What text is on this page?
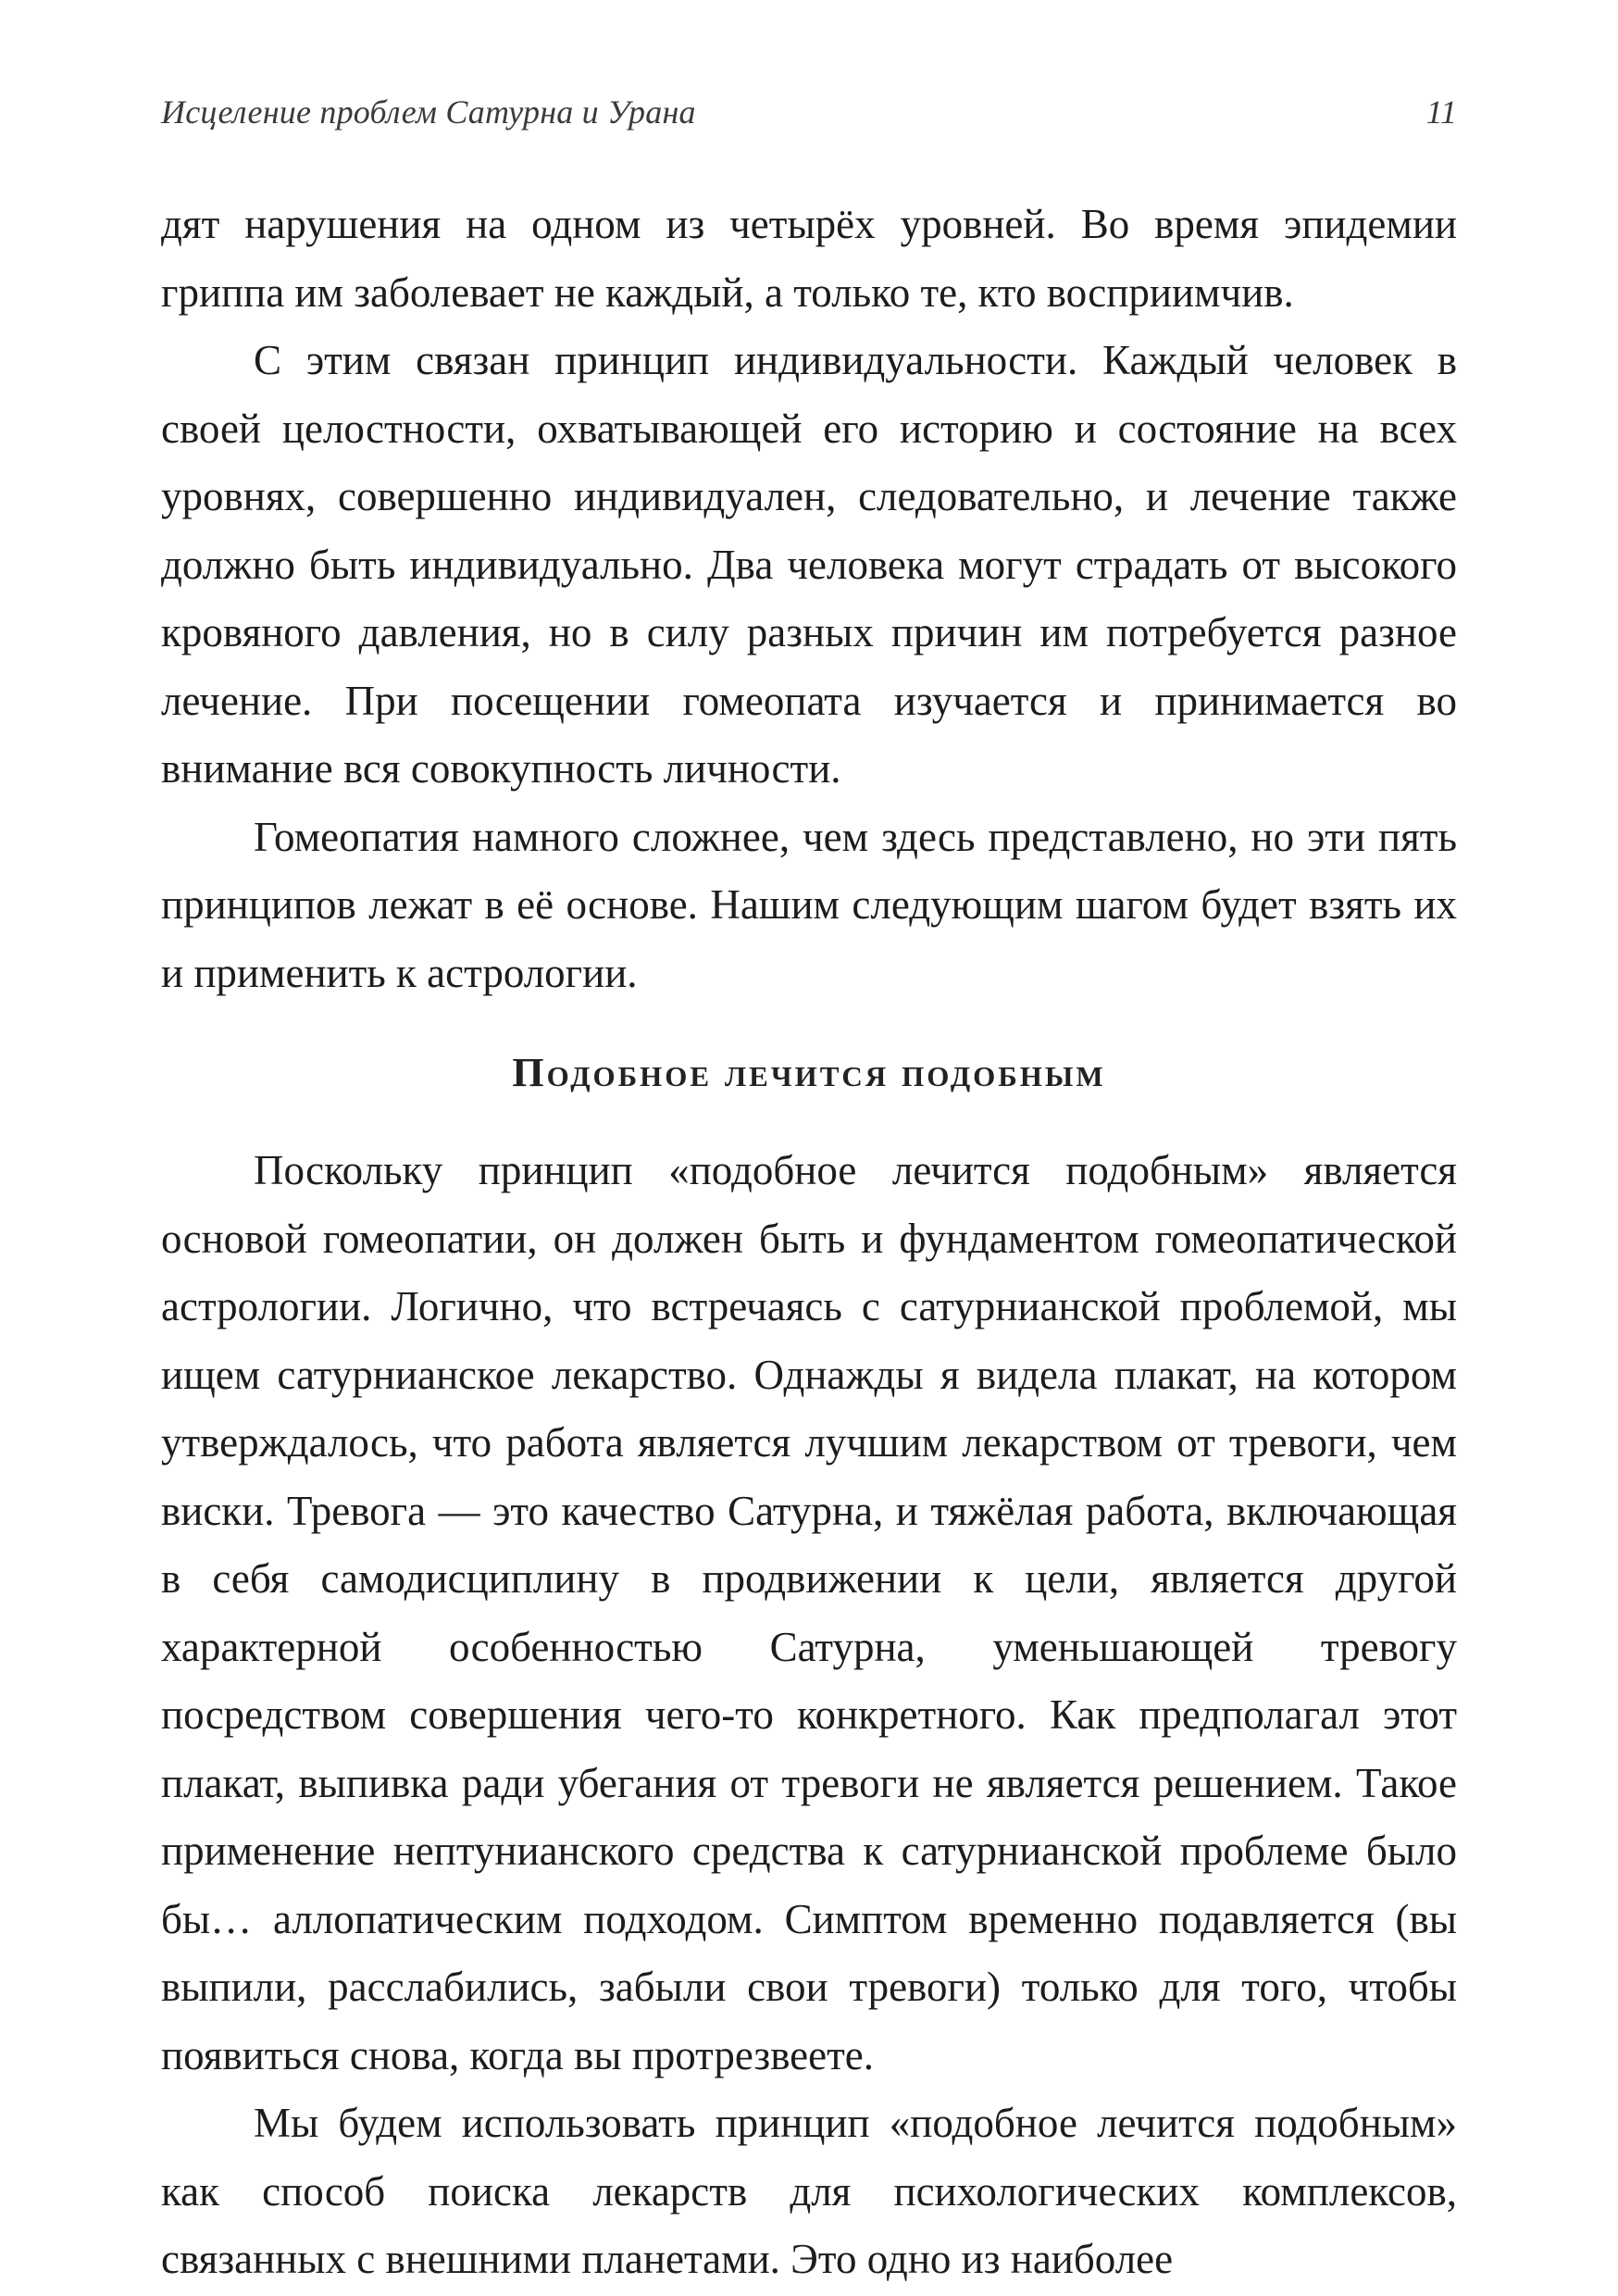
Исцеление проблем Сатурна и Урана	11

дят нарушения на одном из четырёх уровней. Во время эпидемии гриппа им заболевает не каждый, а только те, кто восприимчив.

С этим связан принцип индивидуальности. Каждый человек в своей целостности, охватывающей его историю и состояние на всех уровнях, совершенно индивидуален, следовательно, и лечение также должно быть индивидуально. Два человека могут страдать от высокого кровяного давления, но в силу разных причин им потребуется разное лечение. При посещении гомеопата изучается и принимается во внимание вся совокупность личности.

Гомеопатия намного сложнее, чем здесь представлено, но эти пять принципов лежат в её основе. Нашим следующим шагом будет взять их и применить к астрологии.

Подобное лечится подобным

Поскольку принцип «подобное лечится подобным» является основой гомеопатии, он должен быть и фундаментом гомеопатической астрологии. Логично, что встречаясь с сатурнианской проблемой, мы ищем сатурнианское лекарство. Однажды я видела плакат, на котором утверждалось, что работа является лучшим лекарством от тревоги, чем виски. Тревога — это качество Сатурна, и тяжёлая работа, включающая в себя самодисциплину в продвижении к цели, является другой характерной особенностью Сатурна, уменьшающей тревогу посредством совершения чего-то конкретного. Как предполагал этот плакат, выпивка ради убегания от тревоги не является решением. Такое применение нептунианского средства к сатурнианской проблеме было бы… аллопатическим подходом. Симптом временно подавляется (вы выпили, расслабились, забыли свои тревоги) только для того, чтобы появиться снова, когда вы протрезвеете.

Мы будем использовать принцип «подобное лечится подобным» как способ поиска лекарств для психологических комплексов, связанных с внешними планетами. Это одно из наиболее
